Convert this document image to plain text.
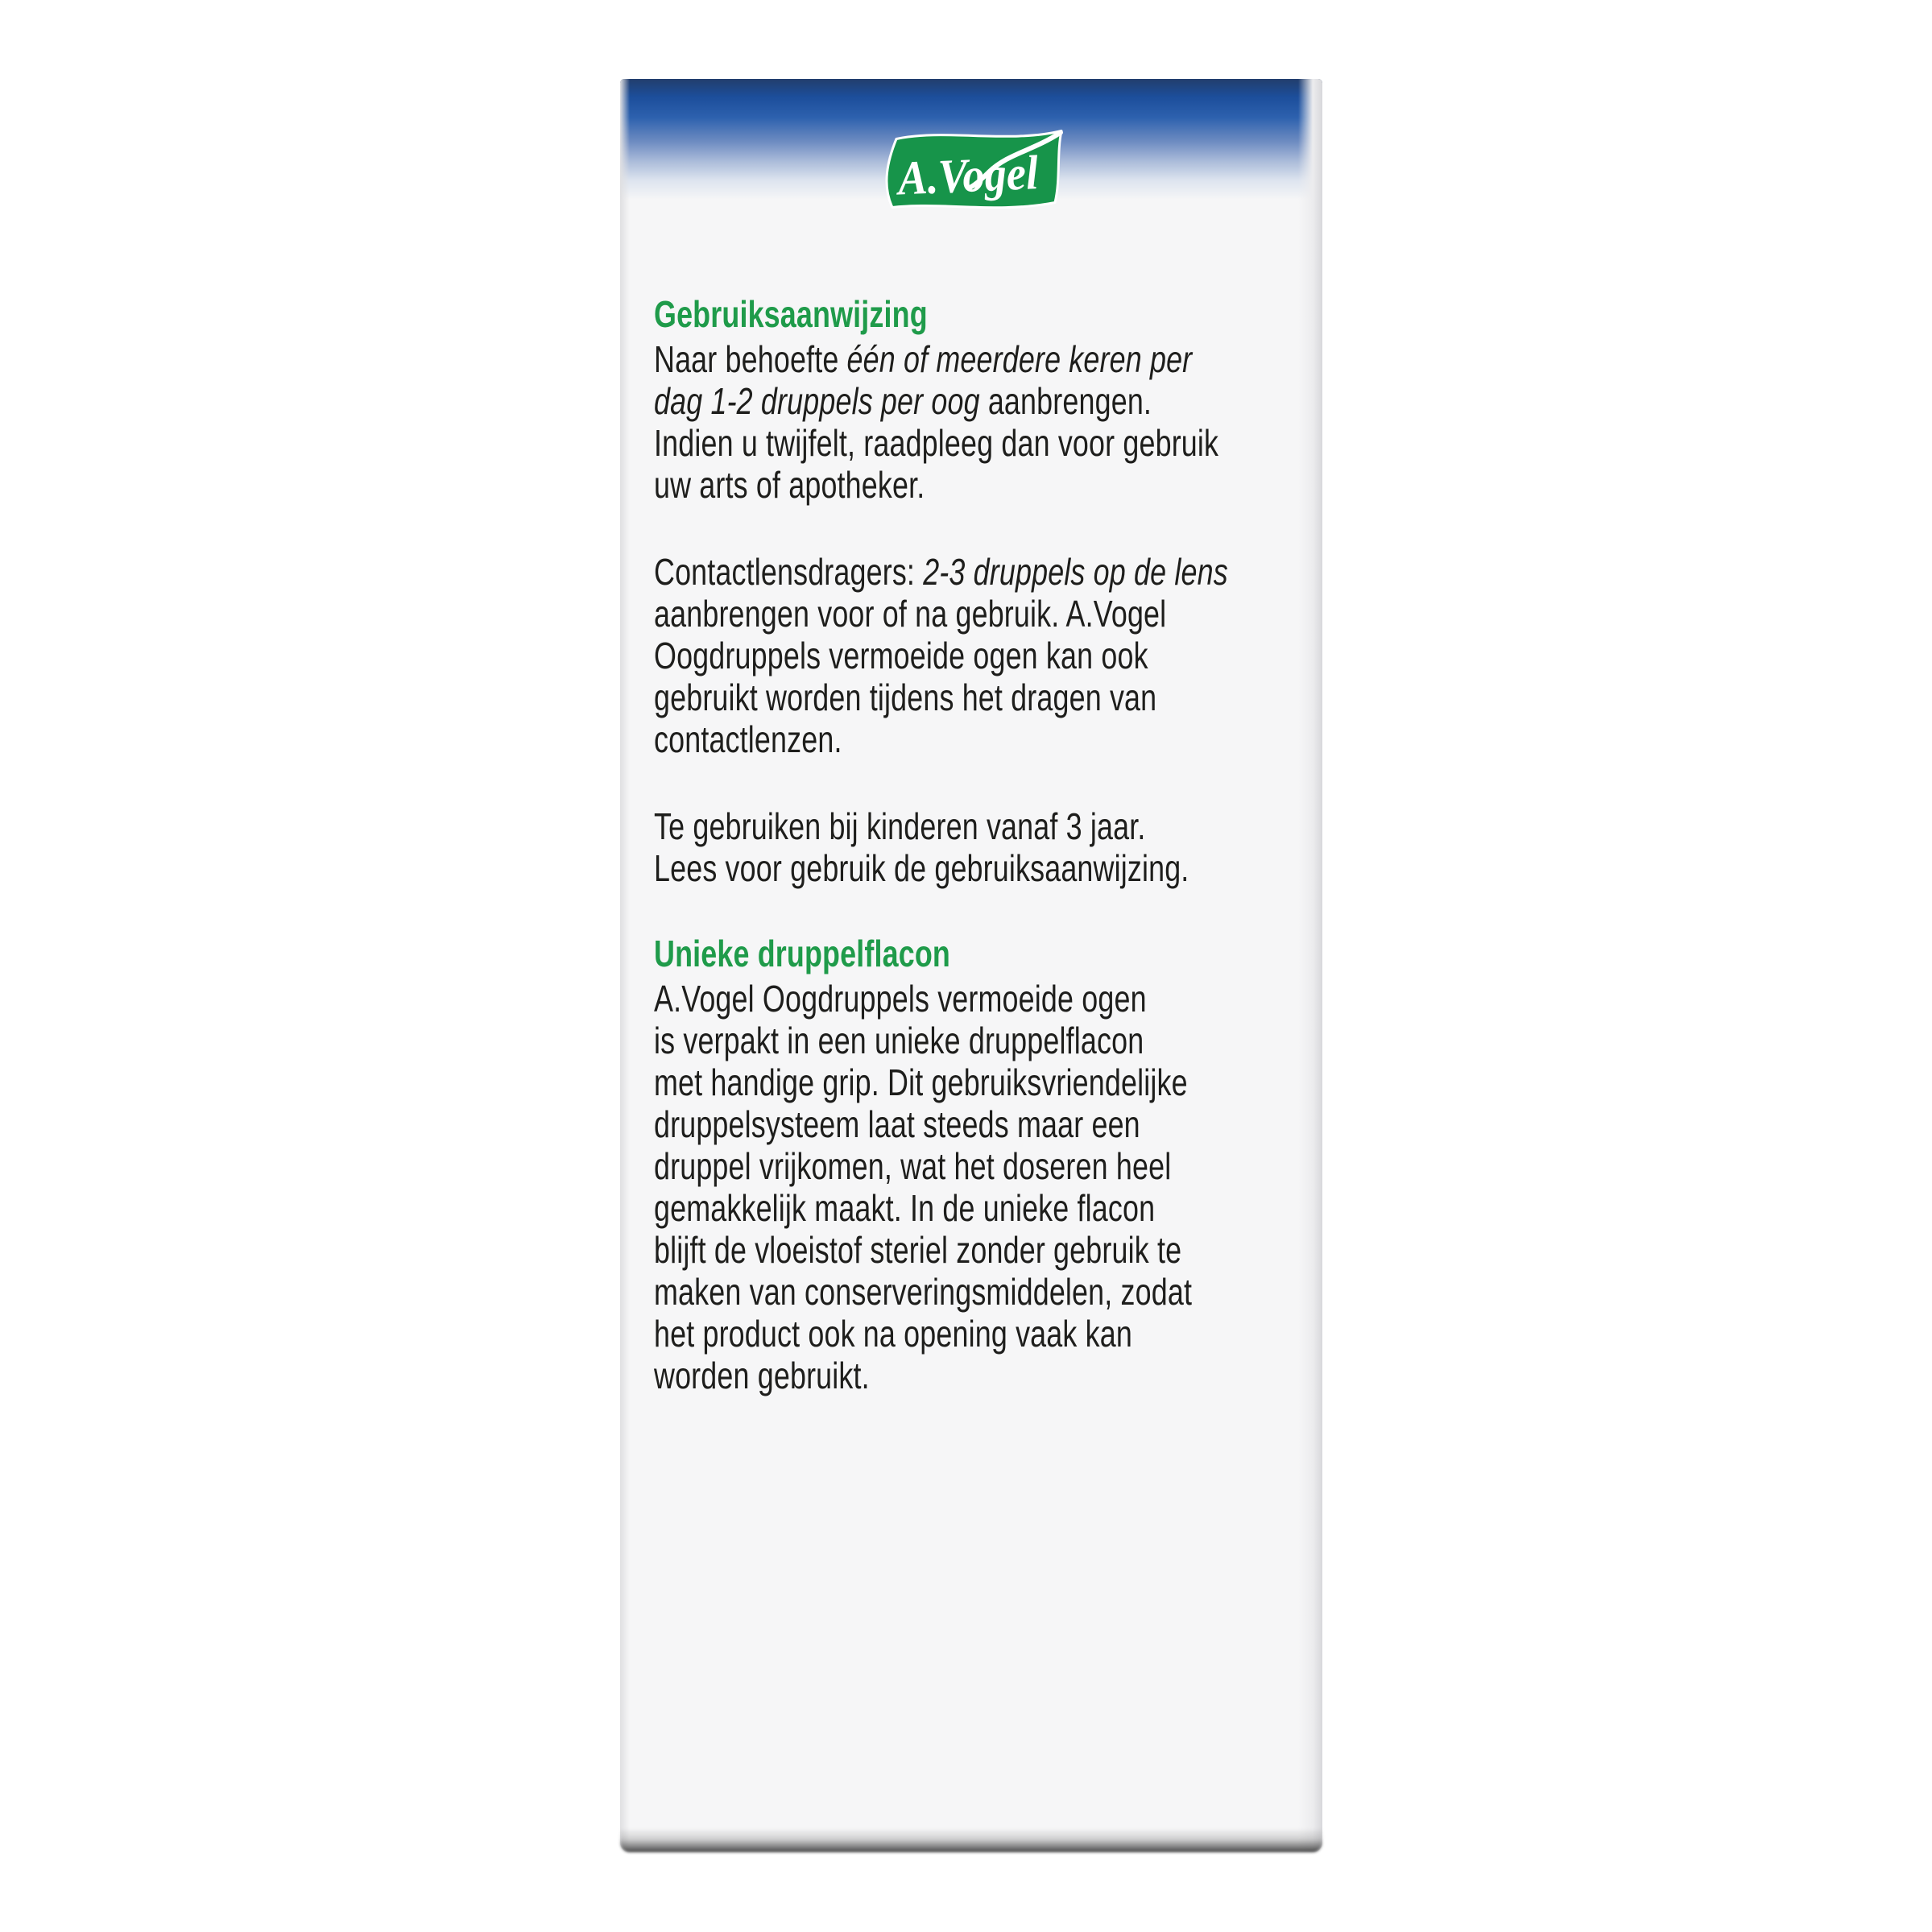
A.Vogel
Gebruiksaanwijzing
Naar behoefte één of meerdere keren per
dag 1-2 druppels per oog aanbrengen.
Indien u twijfelt, raadpleeg dan voor gebruik
uw arts of apotheker.
Contactlensdragers: 2-3 druppels op de lens
aanbrengen voor of na gebruik. A.Vogel
Oogdruppels vermoeide ogen kan ook
gebruikt worden tijdens het dragen van
contactlenzen.
Te gebruiken bij kinderen vanaf 3 jaar.
Lees voor gebruik de gebruiksaanwijzing.
Unieke druppelflacon
A.Vogel Oogdruppels vermoeide ogen
is verpakt in een unieke druppelflacon
met handige grip. Dit gebruiksvriendelijke
druppelsysteem laat steeds maar een
druppel vrijkomen, wat het doseren heel
gemakkelijk maakt. In de unieke flacon
blijft de vloeistof steriel zonder gebruik te
maken van conserveringsmiddelen, zodat
het product ook na opening vaak kan
worden gebruikt.
